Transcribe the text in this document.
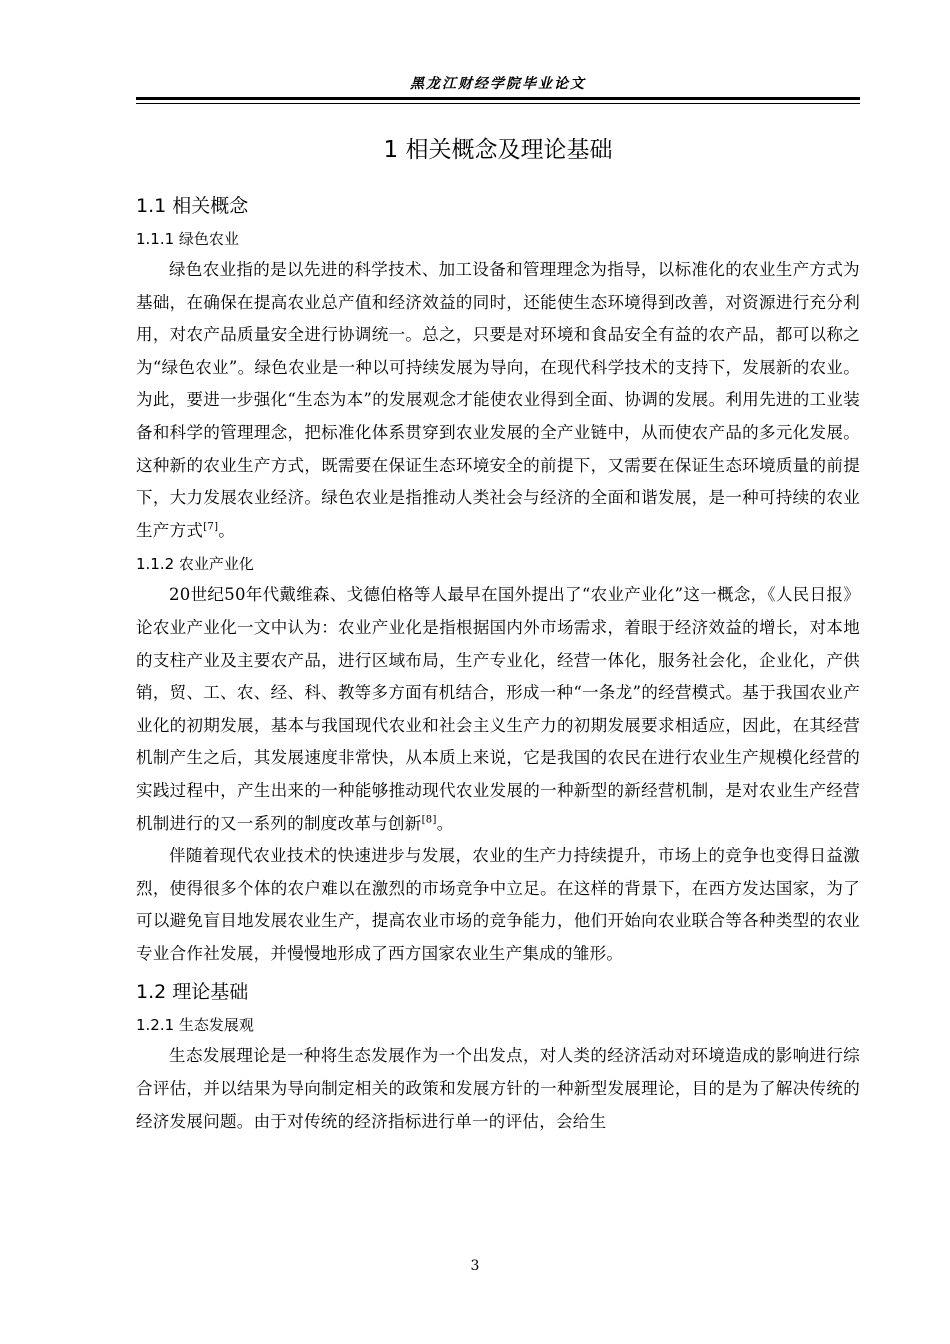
黑龙江财经学院毕业论文
1 相关概念及理论基础
1.1 相关概念
1.1.1 绿色农业

绿色农业指的是以先进的科学技术、加工设备和管理理念为指导，以标准化的农业生产方式为基础，在确保在提高农业总产值和经济效益的同时，还能使生态环境得到改善，对资源进行充分利用，对农产品质量安全进行协调统一。总之，只要是对环境和食品安全有益的农产品，都可以称之为“绿色农业”。绿色农业是一种以可持续发展为导向，在现代科学技术的支持下，发展新的农业。为此，要进一步强化“生态为本”的发展观念才能使农业得到全面、协调的发展。利用先进的工业装备和科学的管理理念，把标准化体系贯穿到农业发展的全产业链中，从而使农产品的多元化发展。这种新的农业生产方式，既需要在保证生态环境安全的前提下，又需要在保证生态环境质量的前提下，大力发展农业经济。绿色农业是指推动人类社会与经济的全面和谐发展，是一种可持续的农业生产方式[7]。

1.1.2 农业产业化

20世纪50年代戴维森、戈德伯格等人最早在国外提出了“农业产业化”这一概念，《人民日报》论农业产业化一文中认为：农业产业化是指根据国内外市场需求，着眼于经济效益的增长，对本地的支柱产业及主要农产品，进行区域布局，生产专业化，经营一体化，服务社会化，企业化，产供销，贸、工、农、经、科、教等多方面有机结合，形成一种“一条龙”的经营模式。基于我国农业产业化的初期发展，基本与我国现代农业和社会主义生产力的初期发展要求相适应，因此，在其经营机制产生之后，其发展速度非常快，从本质上来说，它是我国的农民在进行农业生产规模化经营的实践过程中，产生出来的一种能够推动现代农业发展的一种新型的新经营机制，是对农业生产经营机制进行的又一系列的制度改革与创新[8]。

伴随着现代农业技术的快速进步与发展，农业的生产力持续提升，市场上的竞争也变得日益激烈，使得很多个体的农户难以在激烈的市场竞争中立足。在这样的背景下，在西方发达国家，为了可以避免盲目地发展农业生产，提高农业市场的竞争能力，他们开始向农业联合等各种类型的农业专业合作社发展，并慢慢地形成了西方国家农业生产集成的雏形。

1.2 理论基础
1.2.1 生态发展观

生态发展理论是一种将生态发展作为一个出发点，对人类的经济活动对环境造成的影响进行综合评估，并以结果为导向制定相关的政策和发展方针的一种新型发展理论，目的是为了解决传统的经济发展问题。由于对传统的经济指标进行单一的评估，会给生

3
